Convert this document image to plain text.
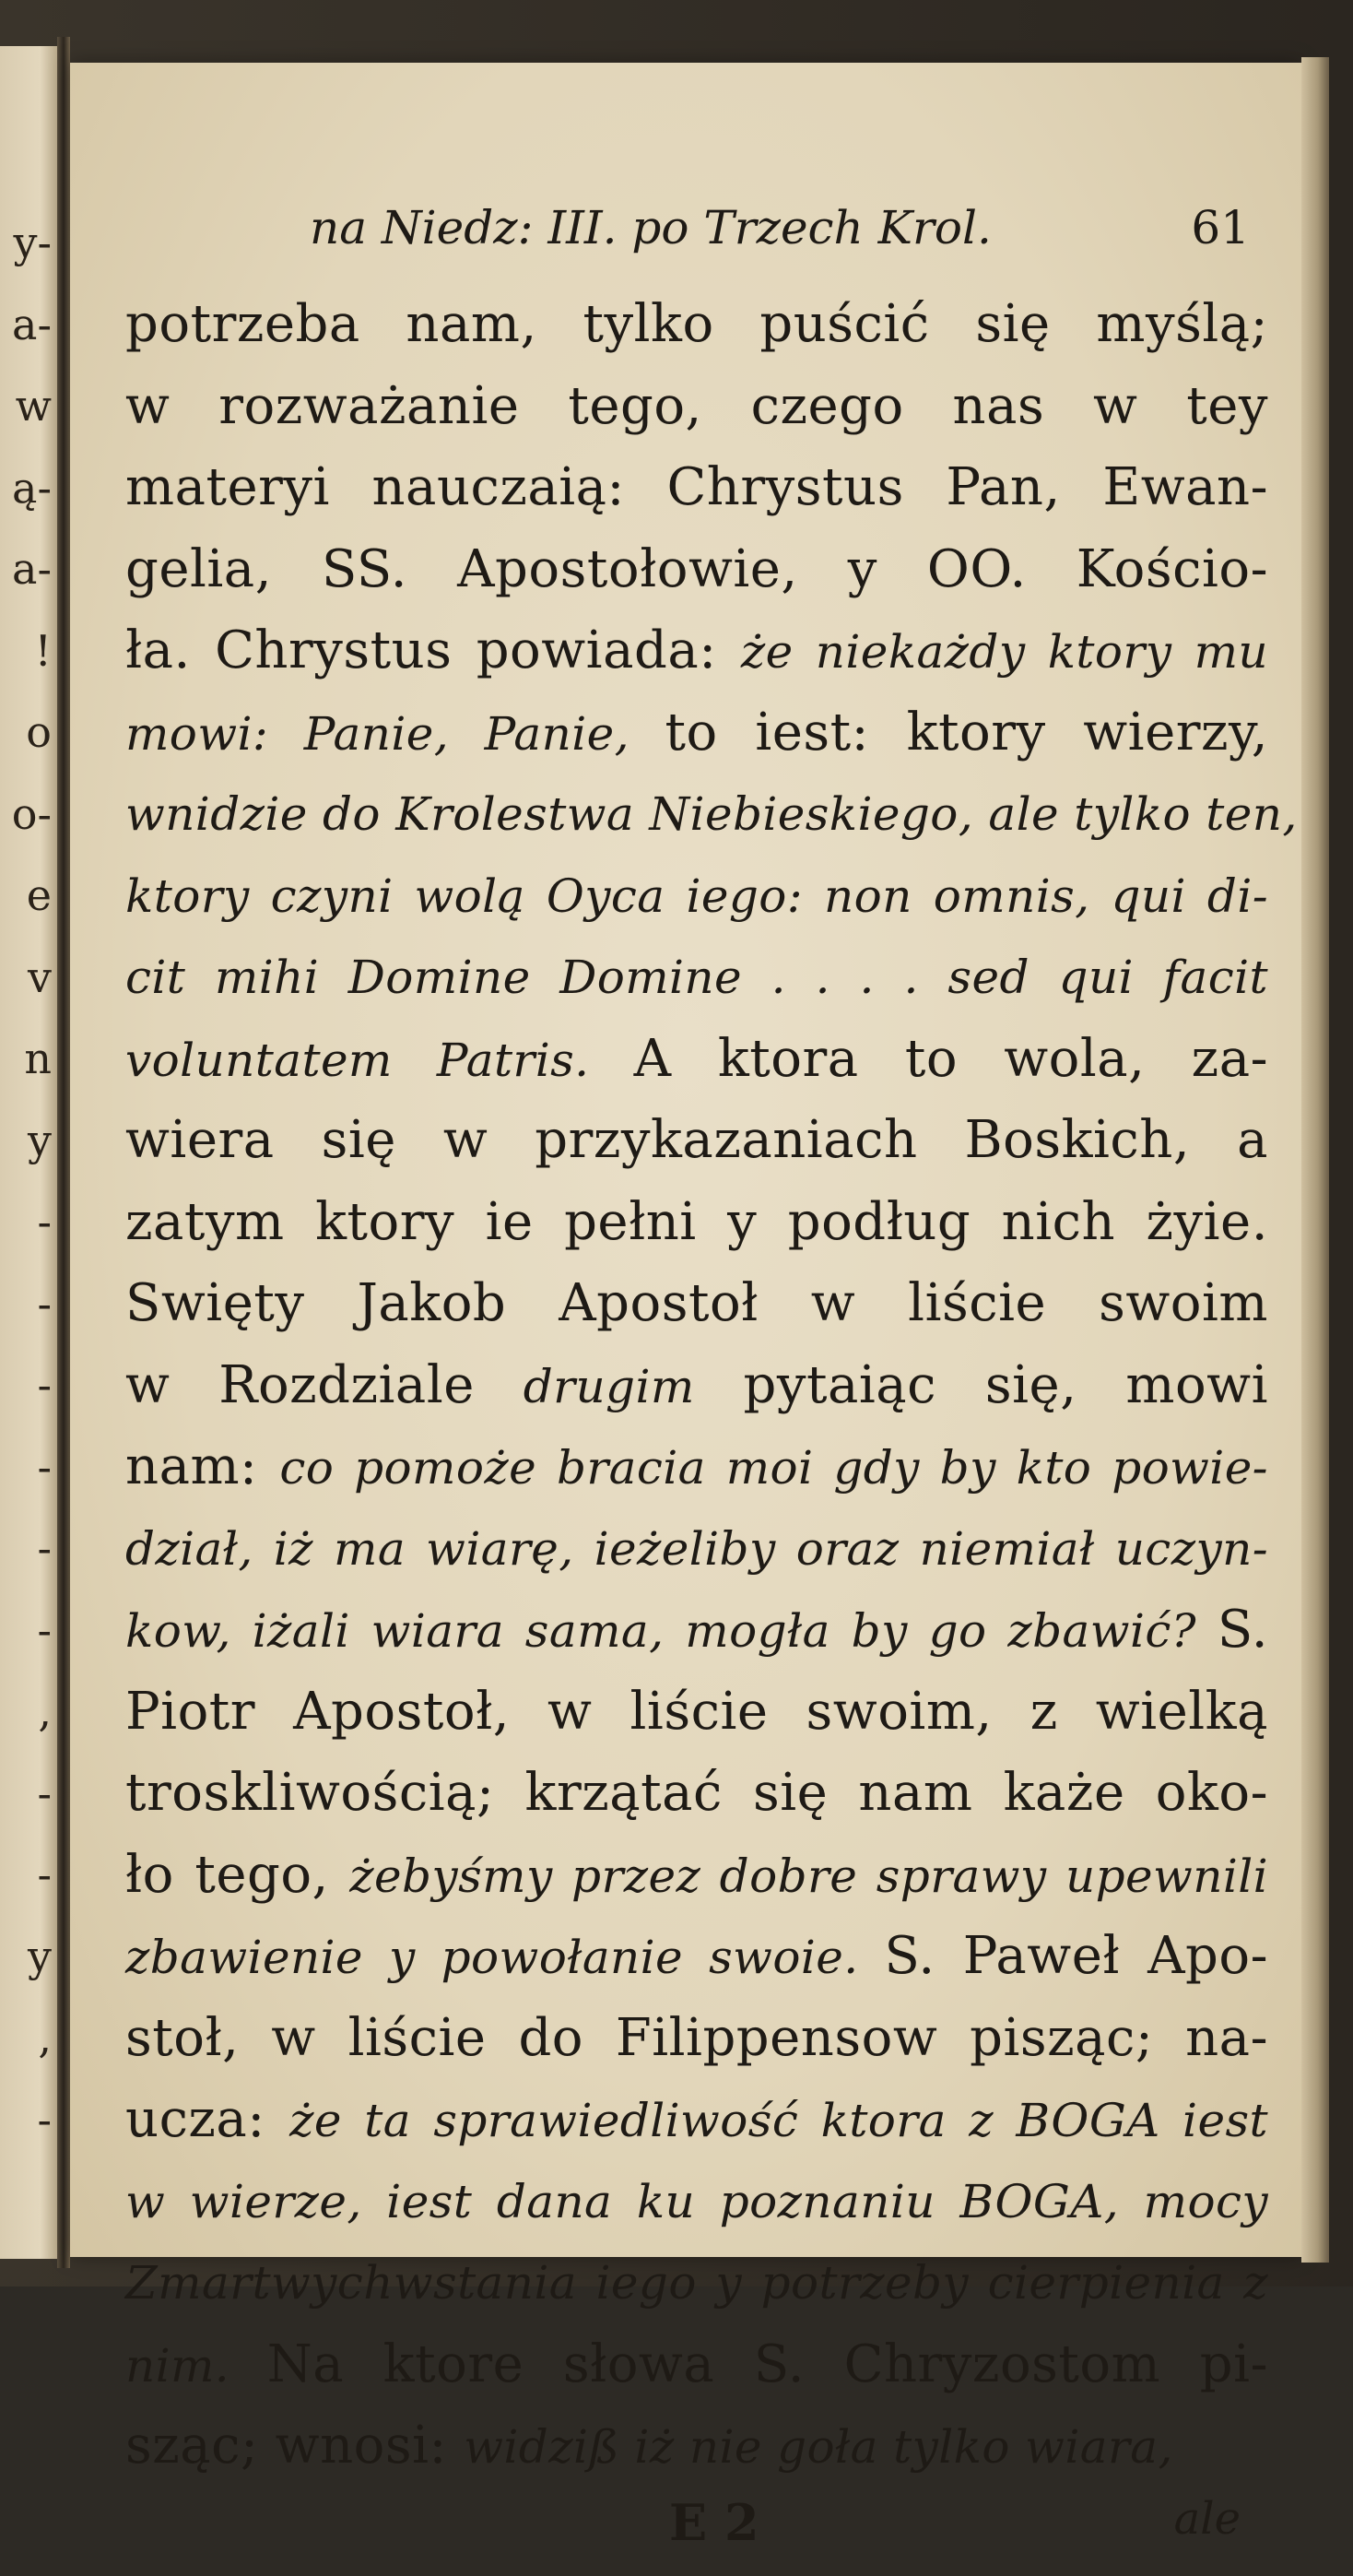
y-
a-
w
ą-
a-
!
o
o-
e
v
n
y
-
-
-
-
-
-
,
-
-
y
,
-
na Niedz: III. po Trzech Krol.	61
potrzeba nam, tylko puścić się myślą;
w rozważanie tego, czego nas w tey
materyi nauczaią: Chrystus Pan, Ewan-
gelia, SS. Apostołowie, y OO. Kościo-
ła. Chrystus powiada: że niekażdy ktory mu
mowi: Panie, Panie, to iest: ktory wierzy,
wnidzie do Krolestwa Niebieskiego, ale tylko ten,
ktory czyni wolą Oyca iego: non omnis, qui di-
cit mihi Domine Domine . . . . sed qui facit
voluntatem Patris. A ktora to wola, za-
wiera się w przykazaniach Boskich, a
zatym ktory ie pełni y podług nich żyie.
Swięty Jakob Apostoł w liście swoim
w Rozdziale drugim pytaiąc się, mowi
nam: co pomoże bracia moi gdy by kto powie-
dział, iż ma wiarę, ieżeliby oraz niemiał uczyn-
kow, iżali wiara sama, mogła by go zbawić? S.
Piotr Apostoł, w liście swoim, z wielką
troskliwością; krzątać się nam każe oko-
ło tego, żebyśmy przez dobre sprawy upewnili
zbawienie y powołanie swoie. S. Paweł Apo-
stoł, w liście do Filippensow pisząc; na-
ucza: że ta sprawiedliwość ktora z BOGA iest
w wierze, iest dana ku poznaniu BOGA, mocy
Zmartwychwstania iego y potrzeby cierpienia z
nim. Na ktore słowa S. Chryzostom pi-
sząc; wnosi: widziß iż nie goła tylko wiara,
E 2	ale
